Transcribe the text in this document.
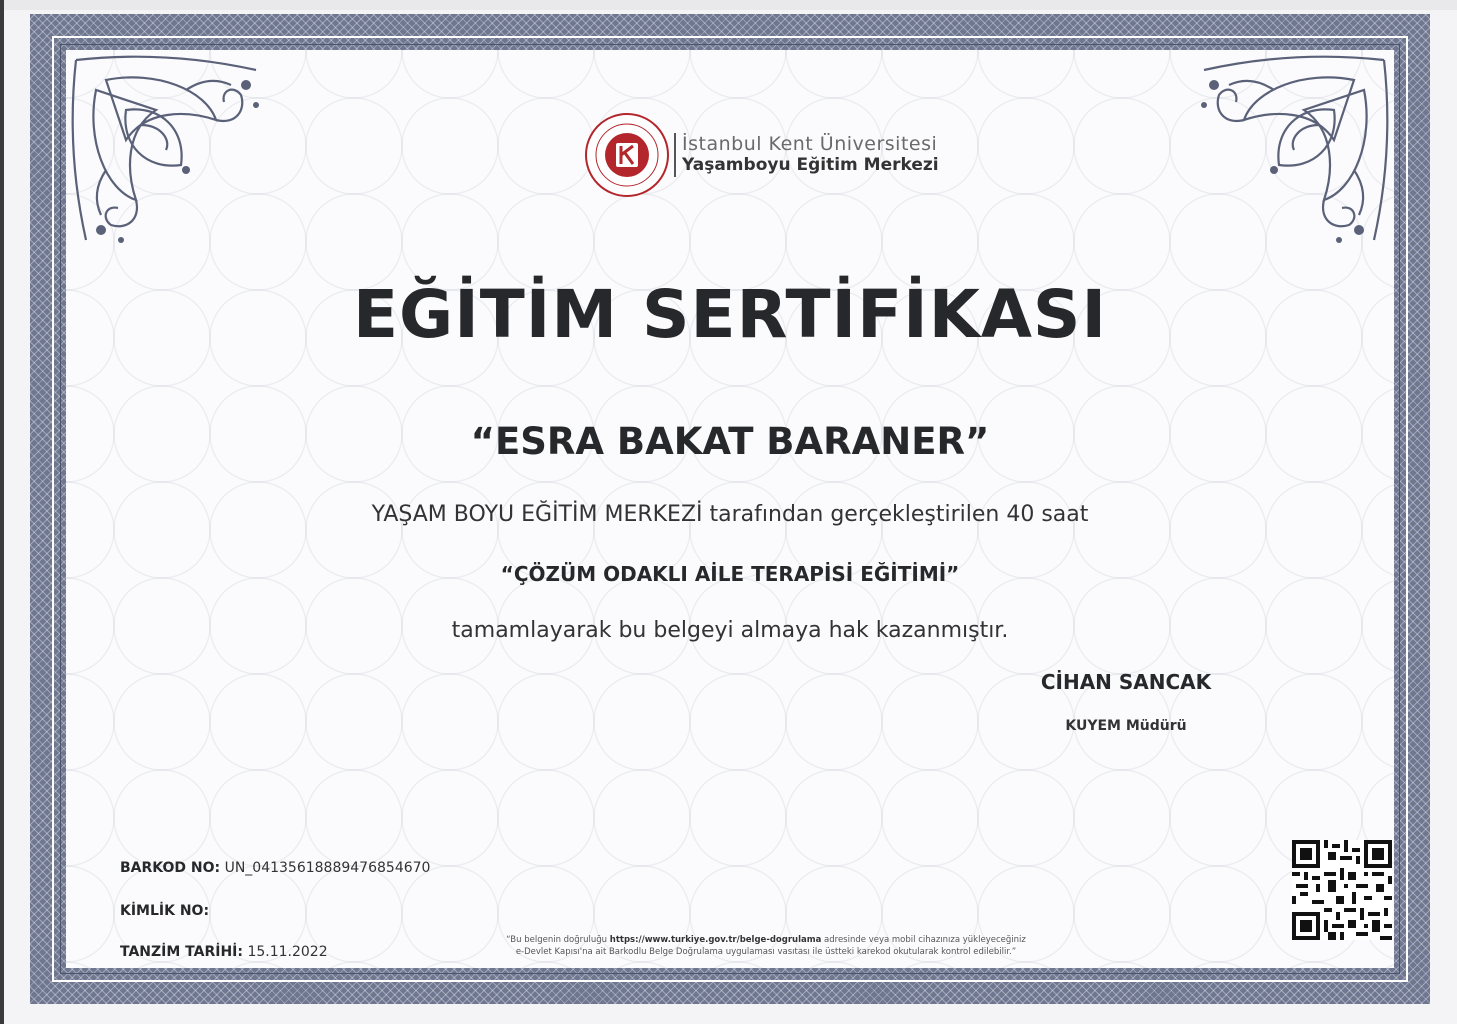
İstanbul Kent Üniversitesi
Yaşamboyu Eğitim Merkezi
EĞİTİM SERTİFİKASI
“ESRA BAKAT BARANER”
YAŞAM BOYU EĞİTİM MERKEZİ tarafından gerçekleştirilen 40 saat
“ÇÖZÜM ODAKLI AİLE TERAPİSİ EĞİTİMİ”
tamamlayarak bu belgeyi almaya hak kazanmıştır.
CİHAN SANCAK
KUYEM Müdürü
BARKOD NO: UN_04135618889476854670
KİMLİK NO:
TANZİM TARİHİ: 15.11.2022
“Bu belgenin doğruluğu https://www.turkiye.gov.tr/belge-dogrulama adresinde veya mobil cihazınıza yükleyeceğiniz
e-Devlet Kapısı'na ait Barkodlu Belge Doğrulama uygulaması vasıtası ile üstteki karekod okutularak kontrol edilebilir.”
